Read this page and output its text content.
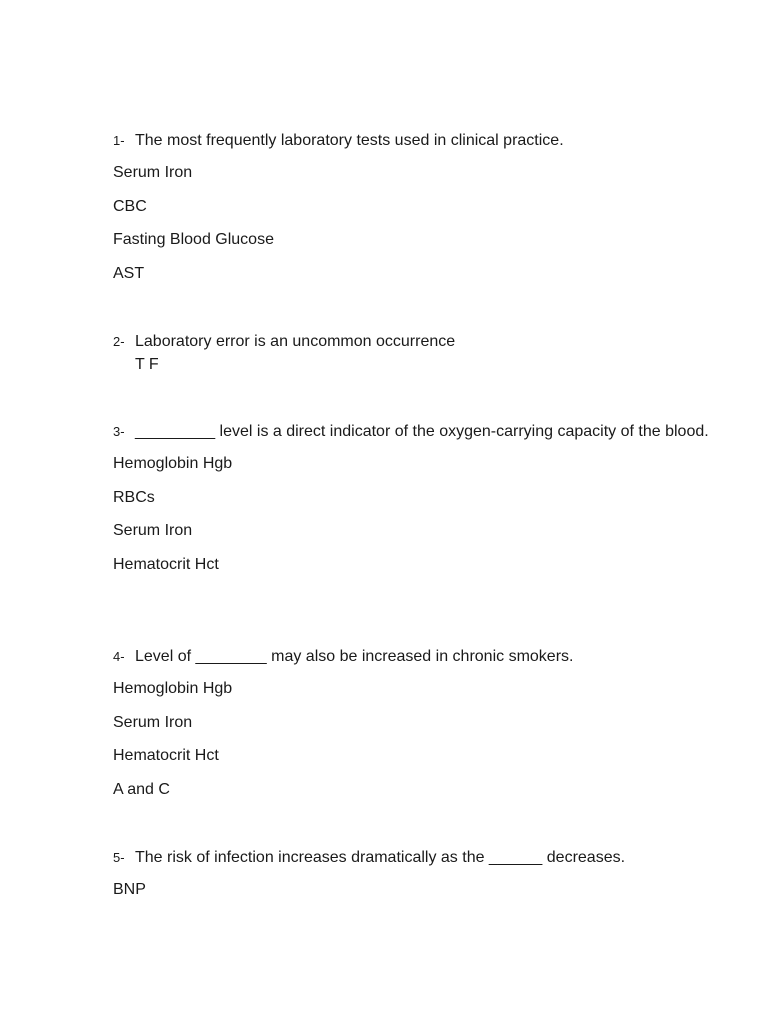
1- The most frequently laboratory tests used in clinical practice.
Serum Iron
CBC
Fasting Blood Glucose
AST
2- Laboratory error is an uncommon occurrence
T F
3- _________ level is a direct indicator of the oxygen-carrying capacity of the blood.
Hemoglobin Hgb
RBCs
Serum Iron
Hematocrit Hct
4- Level of ________ may also be increased in chronic smokers.
Hemoglobin Hgb
Serum Iron
Hematocrit Hct
A and C
5- The risk of infection increases dramatically as the ______ decreases.
BNP
